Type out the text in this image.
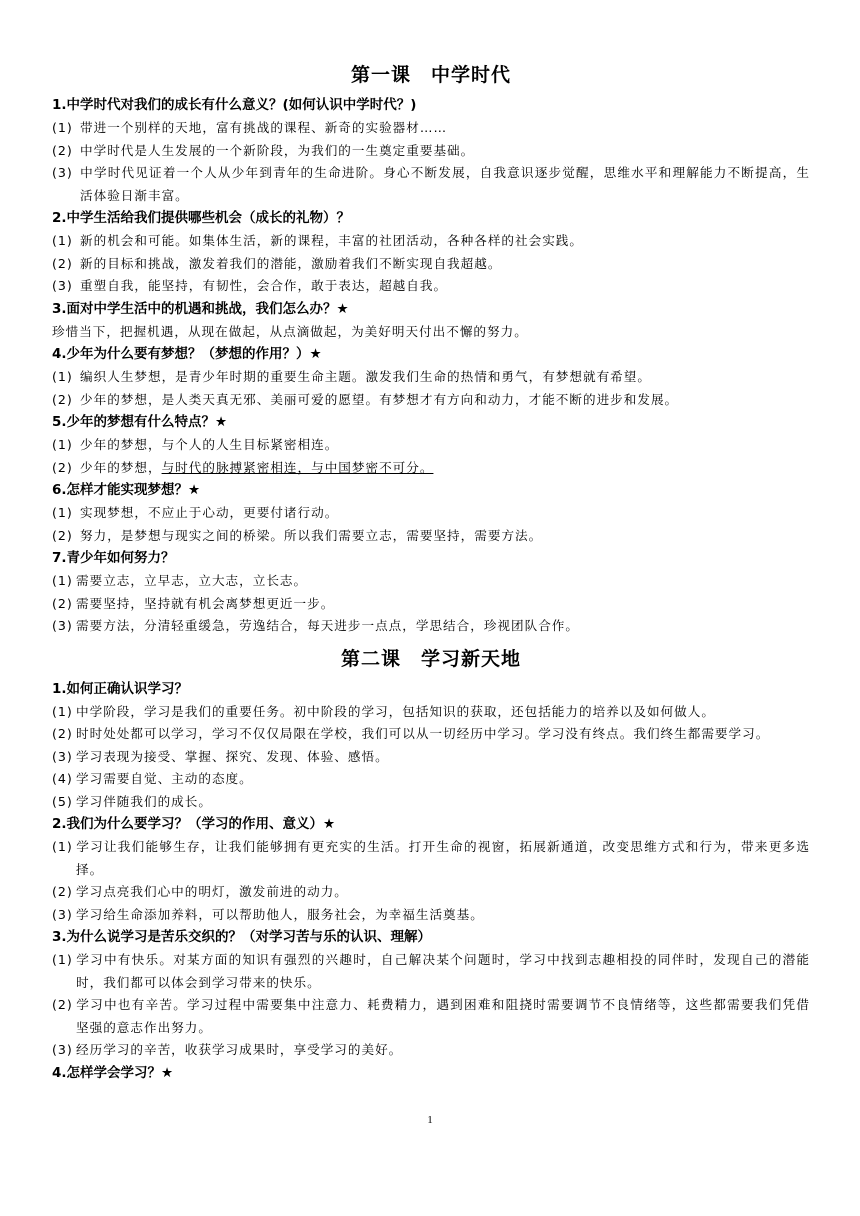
第一课　中学时代

1.中学时代对我们的成长有什么意义？(如何认识中学时代？)

(1) 带进一个别样的天地，富有挑战的课程、新奇的实验器材……

(2) 中学时代是人生发展的一个新阶段，为我们的一生奠定重要基础。

(3) 中学时代见证着一个人从少年到青年的生命进阶。身心不断发展，自我意识逐步觉醒，思维水平和理解能力不断提高，生活体验日渐丰富。

2.中学生活给我们提供哪些机会（成长的礼物）？

(1) 新的机会和可能。如集体生活，新的课程，丰富的社团活动，各种各样的社会实践。

(2) 新的目标和挑战，激发着我们的潜能，激励着我们不断实现自我超越。

(3) 重塑自我，能坚持，有韧性，会合作，敢于表达，超越自我。

3.面对中学生活中的机遇和挑战，我们怎么办？★

珍惜当下，把握机遇，从现在做起，从点滴做起，为美好明天付出不懈的努力。

4.少年为什么要有梦想？（梦想的作用？）★

(1) 编织人生梦想，是青少年时期的重要生命主题。激发我们生命的热情和勇气，有梦想就有希望。

(2) 少年的梦想，是人类天真无邪、美丽可爱的愿望。有梦想才有方向和动力，才能不断的进步和发展。

5.少年的梦想有什么特点？★

(1) 少年的梦想，与个人的人生目标紧密相连。

(2) 少年的梦想，与时代的脉搏紧密相连，与中国梦密不可分。

6.怎样才能实现梦想？★

(1) 实现梦想，不应止于心动，更要付诸行动。

(2) 努力，是梦想与现实之间的桥梁。所以我们需要立志，需要坚持，需要方法。

7.青少年如何努力？

(1) 需要立志，立早志，立大志，立长志。

(2) 需要坚持，坚持就有机会离梦想更近一步。

(3) 需要方法，分清轻重缓急，劳逸结合，每天进步一点点，学思结合，珍视团队合作。

第二课　学习新天地

1.如何正确认识学习？

(1) 中学阶段，学习是我们的重要任务。初中阶段的学习，包括知识的获取，还包括能力的培养以及如何做人。

(2) 时时处处都可以学习，学习不仅仅局限在学校，我们可以从一切经历中学习。学习没有终点。我们终生都需要学习。

(3) 学习表现为接受、掌握、探究、发现、体验、感悟。

(4) 学习需要自觉、主动的态度。

(5) 学习伴随我们的成长。

2.我们为什么要学习？（学习的作用、意义）★

(1) 学习让我们能够生存，让我们能够拥有更充实的生活。打开生命的视窗，拓展新通道，改变思维方式和行为，带来更多选择。

(2) 学习点亮我们心中的明灯，激发前进的动力。

(3) 学习给生命添加养料，可以帮助他人，服务社会，为幸福生活奠基。

3.为什么说学习是苦乐交织的？（对学习苦与乐的认识、理解）

(1) 学习中有快乐。对某方面的知识有强烈的兴趣时，自己解决某个问题时，学习中找到志趣相投的同伴时，发现自己的潜能时，我们都可以体会到学习带来的快乐。

(2) 学习中也有辛苦。学习过程中需要集中注意力、耗费精力，遇到困难和阻挠时需要调节不良情绪等，这些都需要我们凭借坚强的意志作出努力。

(3) 经历学习的辛苦，收获学习成果时，享受学习的美好。

4.怎样学会学习？★

1
